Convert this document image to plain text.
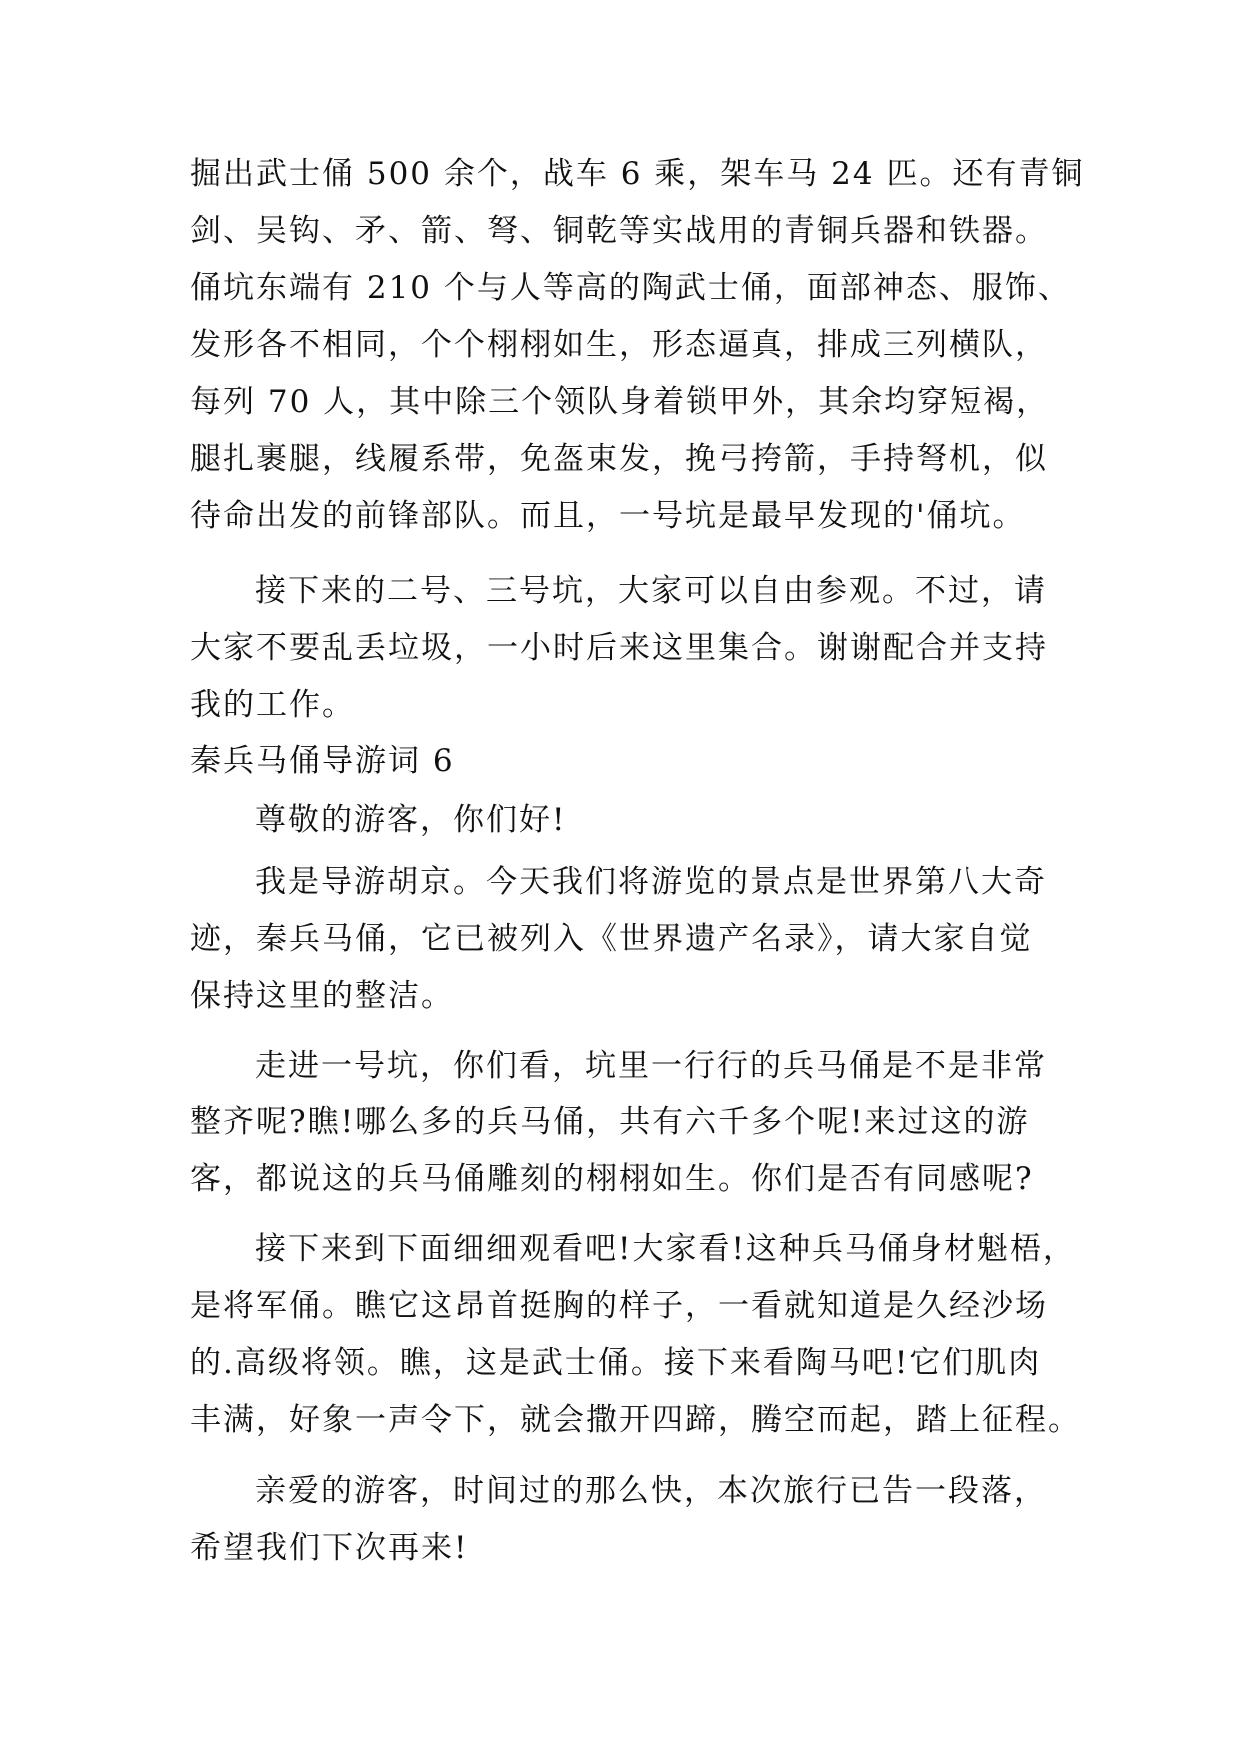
掘出武士俑 500 余个，战车 6 乘，架车马 24 匹。还有青铜
剑、吴钩、矛、箭、弩、铜乾等实战用的青铜兵器和铁器。
俑坑东端有 210 个与人等高的陶武士俑，面部神态、服饰、
发形各不相同，个个栩栩如生，形态逼真，排成三列横队，
每列 70 人，其中除三个领队身着锁甲外，其余均穿短褐，
腿扎裹腿，线履系带，免盔束发，挽弓挎箭，手持弩机，似
待命出发的前锋部队。而且，一号坑是最早发现的'俑坑。
接下来的二号、三号坑，大家可以自由参观。不过，请
大家不要乱丢垃圾，一小时后来这里集合。谢谢配合并支持
我的工作。
秦兵马俑导游词 6
尊敬的游客，你们好!
我是导游胡京。今天我们将游览的景点是世界第八大奇
迹，秦兵马俑，它已被列入《世界遗产名录》，请大家自觉
保持这里的整洁。
走进一号坑，你们看，坑里一行行的兵马俑是不是非常
整齐呢?瞧!哪么多的兵马俑，共有六千多个呢!来过这的游
客，都说这的兵马俑雕刻的栩栩如生。你们是否有同感呢?
接下来到下面细细观看吧!大家看!这种兵马俑身材魁梧，
是将军俑。瞧它这昂首挺胸的样子，一看就知道是久经沙场
的.高级将领。瞧，这是武士俑。接下来看陶马吧!它们肌肉
丰满，好象一声令下，就会撒开四蹄，腾空而起，踏上征程。
亲爱的游客，时间过的那么快，本次旅行已告一段落，
希望我们下次再来!
